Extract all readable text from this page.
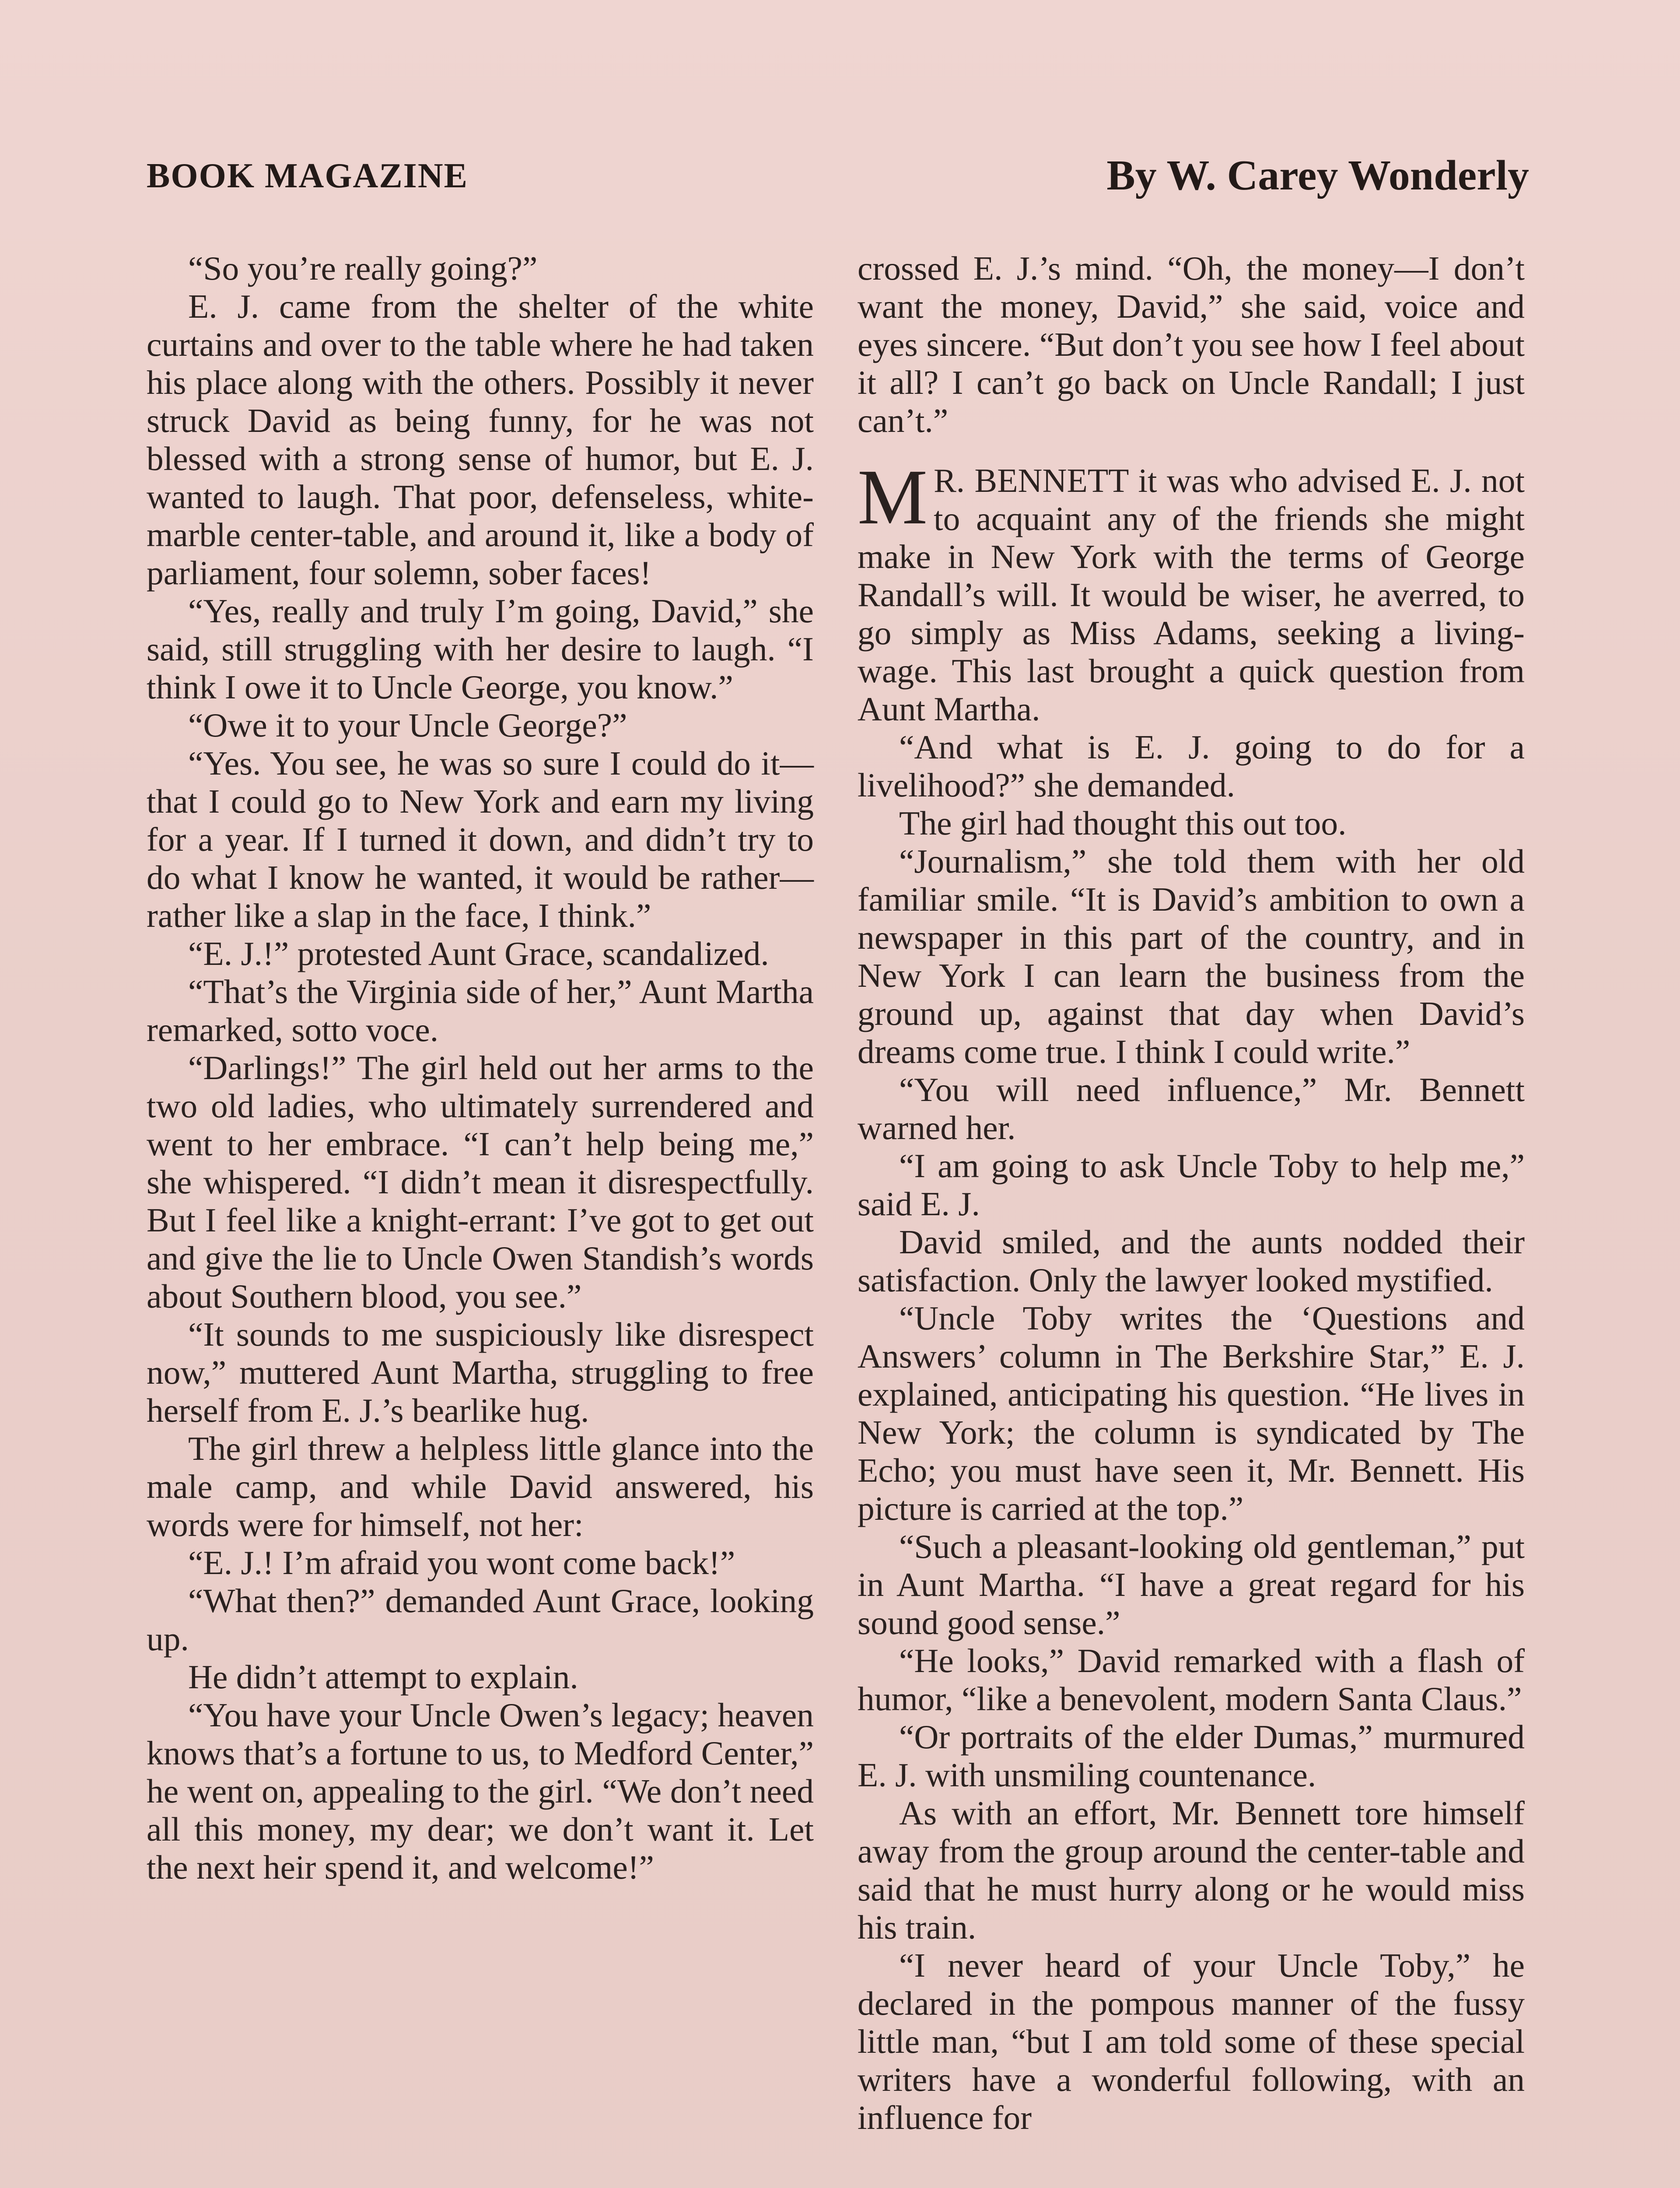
BOOK MAGAZINE	By W. Carey Wonderly

“So you’re really going?”

E. J. came from the shelter of the white curtains and over to the table where he had taken his place along with the others. Possibly it never struck David as being funny, for he was not blessed with a strong sense of humor, but E. J. wanted to laugh. That poor, defenseless, white-marble center-table, and around it, like a body of parliament, four solemn, sober faces!

“Yes, really and truly I’m going, David,” she said, still struggling with her desire to laugh. “I think I owe it to Uncle George, you know.”

“Owe it to your Uncle George?”

“Yes. You see, he was so sure I could do it—that I could go to New York and earn my living for a year. If I turned it down, and didn’t try to do what I know he wanted, it would be rather—rather like a slap in the face, I think.”

“E. J.!” protested Aunt Grace, scandalized.

“That’s the Virginia side of her,” Aunt Martha remarked, sotto voce.

“Darlings!” The girl held out her arms to the two old ladies, who ultimately surrendered and went to her embrace. “I can’t help being me,” she whispered. “I didn’t mean it disrespectfully. But I feel like a knight-errant: I’ve got to get out and give the lie to Uncle Owen Standish’s words about Southern blood, you see.”

“It sounds to me suspiciously like disrespect now,” muttered Aunt Martha, struggling to free herself from E. J.’s bearlike hug.

The girl threw a helpless little glance into the male camp, and while David answered, his words were for himself, not her:

“E. J.! I’m afraid you wont come back!”

“What then?” demanded Aunt Grace, looking up.

He didn’t attempt to explain.

“You have your Uncle Owen’s legacy; heaven knows that’s a fortune to us, to Medford Center,” he went on, appealing to the girl. “We don’t need all this money, my dear; we don’t want it. Let the next heir spend it, and welcome!”

crossed E. J.’s mind. “Oh, the money—I don’t want the money, David,” she said, voice and eyes sincere. “But don’t you see how I feel about it all? I can’t go back on Uncle Randall; I just can’t.”

M R. BENNETT it was who advised E. J. not to acquaint any of the friends she might make in New York with the terms of George Randall’s will. It would be wiser, he averred, to go simply as Miss Adams, seeking a living-wage. This last brought a quick question from Aunt Martha.

“And what is E. J. going to do for a livelihood?” she demanded.

The girl had thought this out too.

“Journalism,” she told them with her old familiar smile. “It is David’s ambition to own a newspaper in this part of the country, and in New York I can learn the business from the ground up, against that day when David’s dreams come true. I think I could write.”

“You will need influence,” Mr. Bennett warned her.

“I am going to ask Uncle Toby to help me,” said E. J.

David smiled, and the aunts nodded their satisfaction. Only the lawyer looked mystified.

“Uncle Toby writes the ‘Questions and Answers’ column in The Berkshire Star,” E. J. explained, anticipating his question. “He lives in New York; the column is syndicated by The Echo; you must have seen it, Mr. Bennett. His picture is carried at the top.”

“Such a pleasant-looking old gentleman,” put in Aunt Martha. “I have a great regard for his sound good sense.”

“He looks,” David remarked with a flash of humor, “like a benevolent, modern Santa Claus.”

“Or portraits of the elder Dumas,” murmured E. J. with unsmiling countenance.

As with an effort, Mr. Bennett tore himself away from the group around the center-table and said that he must hurry along or he would miss his train.

“I never heard of your Uncle Toby,” he declared in the pompous manner of the fussy little man, “but I am told some of these special writers have a wonderful following, with an influence for
